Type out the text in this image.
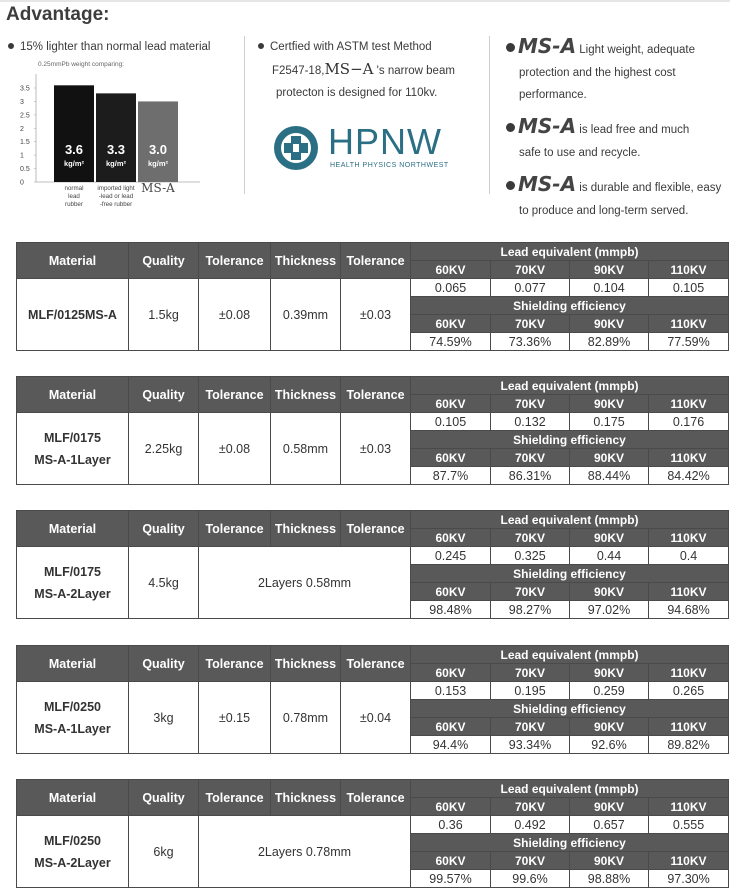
Advantage:
15% lighter than normal lead material
0.25mmPb weight comparing:
3.5
3
2.5
2
1.5
1
0.5
0
3.6
kg/m²
normal
lead
rubber
3.3
kg/m²
imported light
-lead or lead
-free rubber
3.0
kg/m²
MS-A
Certfied with ASTM test Method
F2547-18,MS−A 's narrow beam
protecton is designed for 110kv.
HPNW
HEALTH PHYSICS NORTHWEST
MS-A Light weight, adequate
protection and the highest cost
performance.
MS-A is lead free and much
safe to use and recycle.
MS-A is durable and flexible, easy
to produce and long-term served.
Material	Quality	Tolerance	Thickness	Tolerance	Lead equivalent (mmpb)			
					60KV	70KV	90KV	110KV
MLF/0125MS-A	1.5kg	±0.08	0.39mm	±0.03	0.065	0.077	0.104	0.105
					Shielding efficiency			
					60KV	70KV	90KV	110KV
					74.59%	73.36%	82.89%	77.59%
Material	Quality	Tolerance	Thickness	Tolerance	Lead equivalent (mmpb)			
					60KV	70KV	90KV	110KV
MLF/0175
MS-A-1Layer	2.25kg	±0.08	0.58mm	±0.03	0.105	0.132	0.175	0.176
					Shielding efficiency			
					60KV	70KV	90KV	110KV
					87.7%	86.31%	88.44%	84.42%
Material	Quality	Tolerance	Thickness	Tolerance	Lead equivalent (mmpb)			
					60KV	70KV	90KV	110KV
MLF/0175
MS-A-2Layer	4.5kg	2Layers 0.58mm			0.245	0.325	0.44	0.4
					Shielding efficiency			
					60KV	70KV	90KV	110KV
					98.48%	98.27%	97.02%	94.68%
Material	Quality	Tolerance	Thickness	Tolerance	Lead equivalent (mmpb)			
					60KV	70KV	90KV	110KV
MLF/0250
MS-A-1Layer	3kg	±0.15	0.78mm	±0.04	0.153	0.195	0.259	0.265
					Shielding efficiency			
					60KV	70KV	90KV	110KV
					94.4%	93.34%	92.6%	89.82%
Material	Quality	Tolerance	Thickness	Tolerance	Lead equivalent (mmpb)			
					60KV	70KV	90KV	110KV
MLF/0250
MS-A-2Layer	6kg	2Layers 0.78mm			0.36	0.492	0.657	0.555
					Shielding efficiency			
					60KV	70KV	90KV	110KV
					99.57%	99.6%	98.88%	97.30%
